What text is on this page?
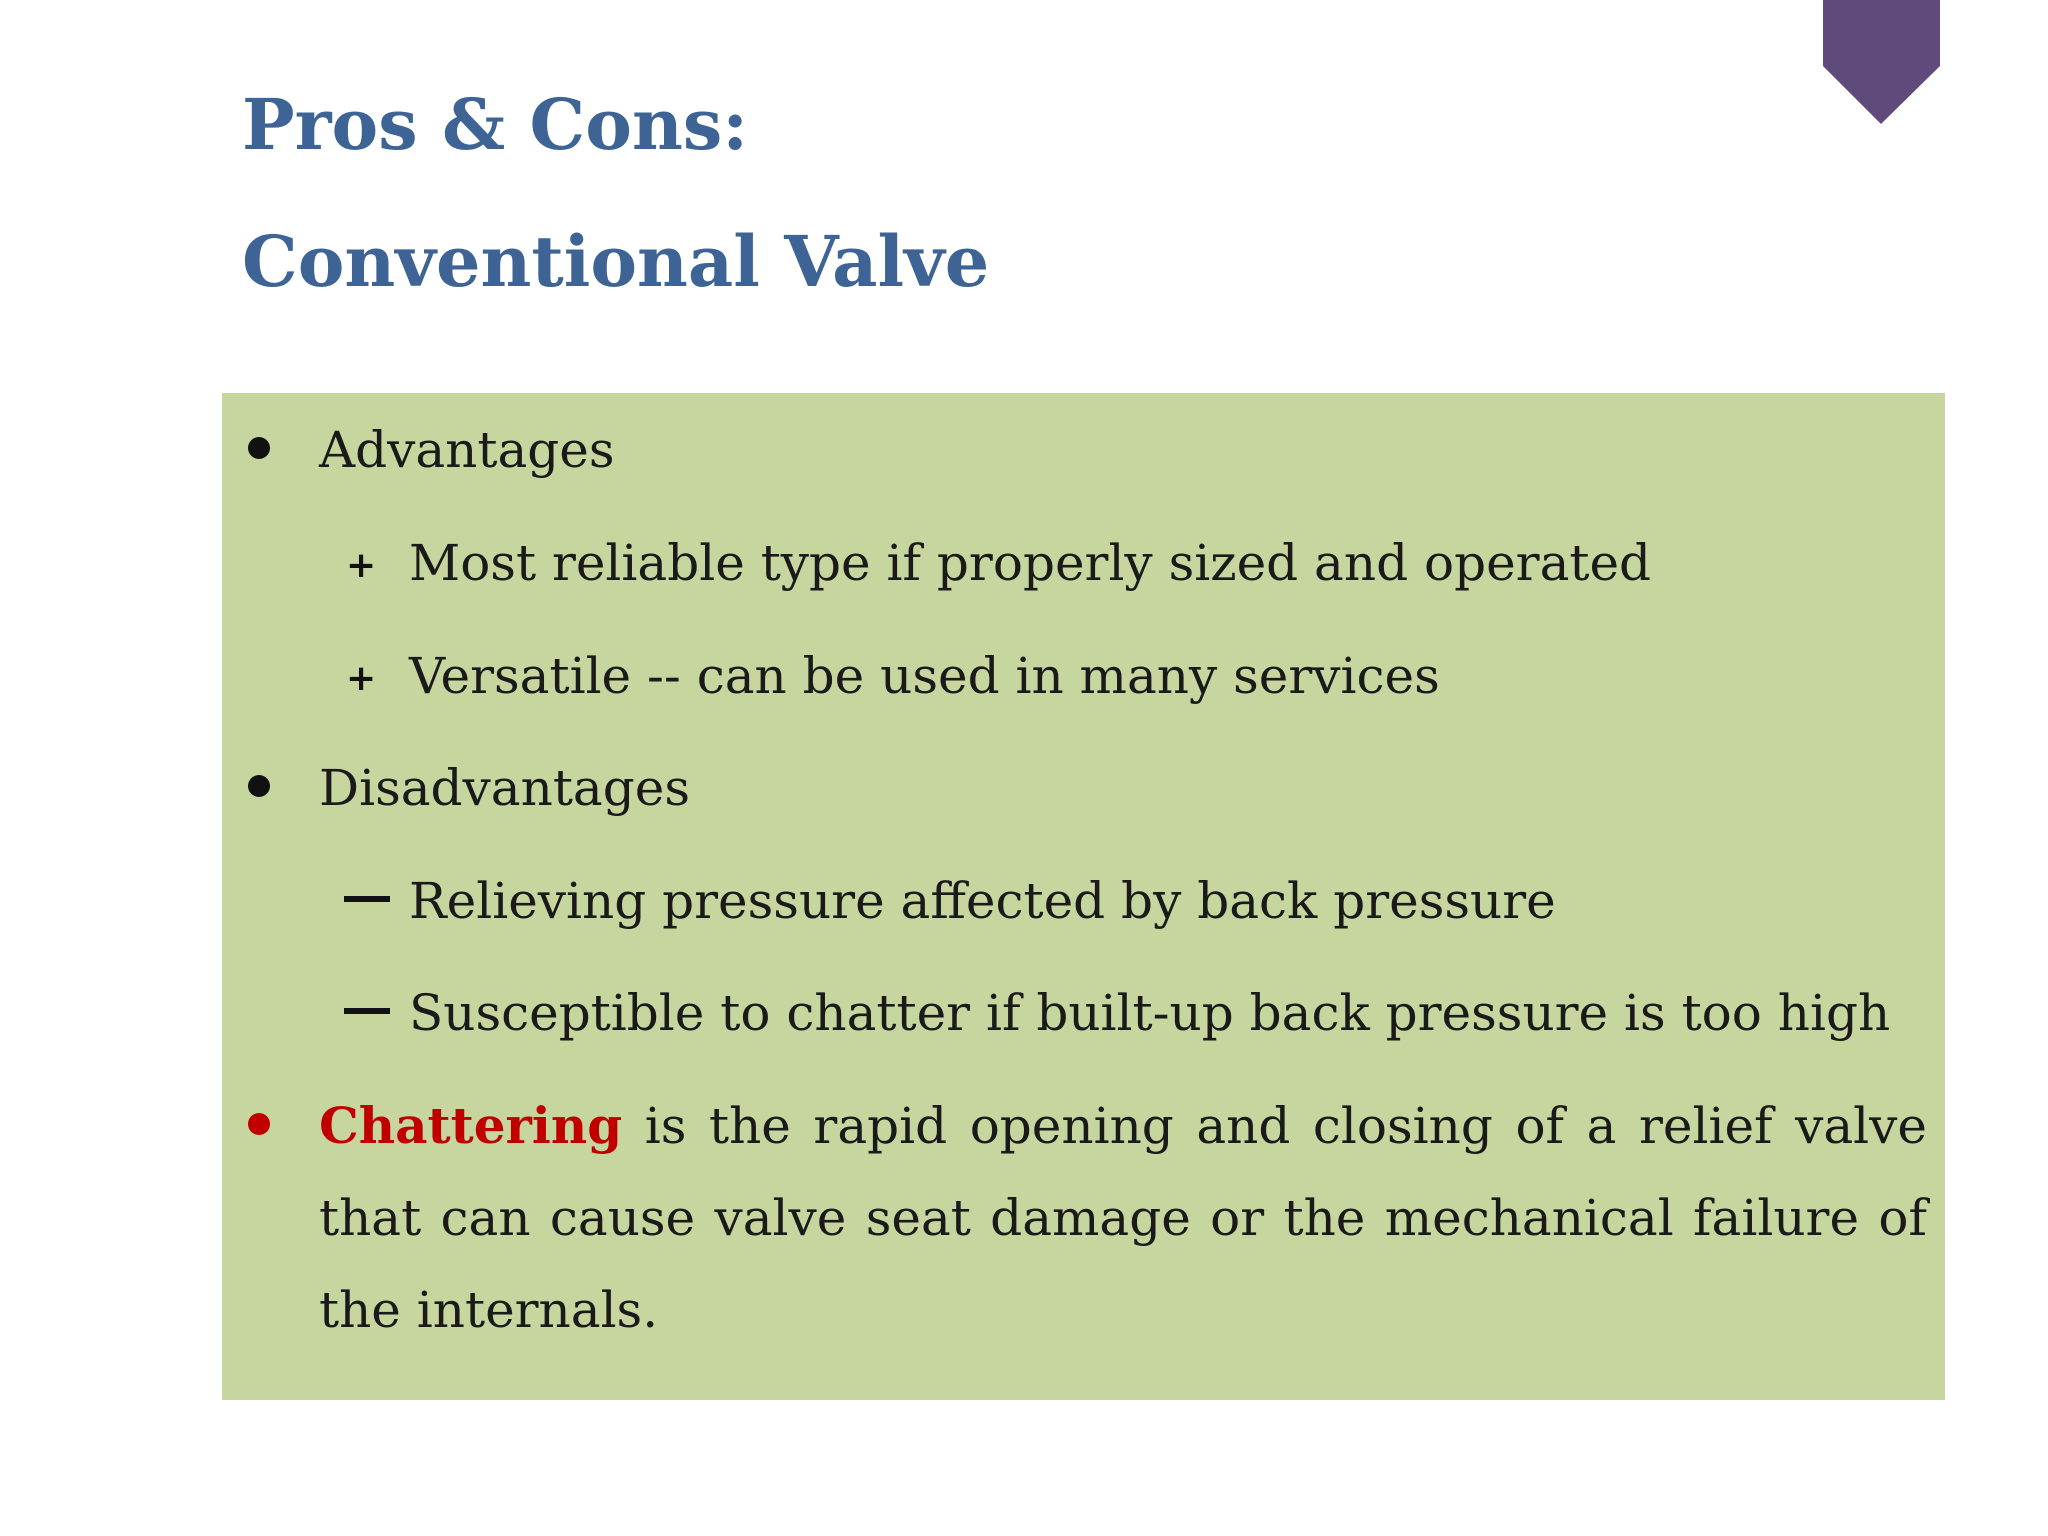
Pros & Cons:
Conventional Valve
Advantages
+ Most reliable type if properly sized and operated
+ Versatile -- can be used in many services
Disadvantages
Relieving pressure affected by back pressure
Susceptible to chatter if built-up back pressure is too high
Chattering is the rapid opening and closing of a relief valve that can cause valve seat damage or the mechanical failure of the internals.
